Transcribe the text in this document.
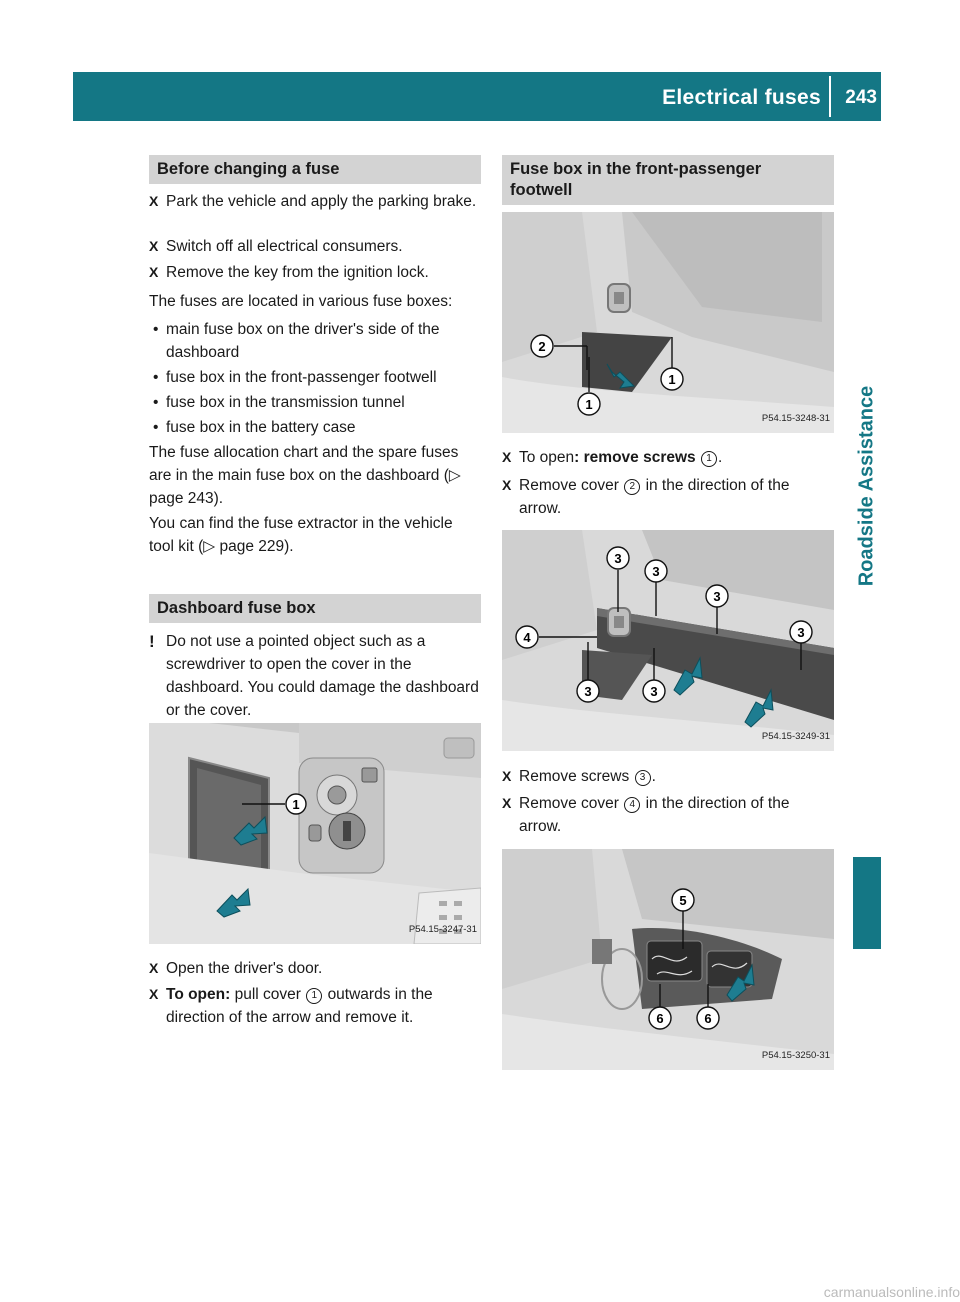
Electrical fuses 243
Roadside Assistance
Before changing a fuse
X Park the vehicle and apply the parking brake.
X Switch off all electrical consumers.
X Remove the key from the ignition lock.
The fuses are located in various fuse boxes:
• main fuse box on the driver's side of the dashboard
• fuse box in the front-passenger footwell
• fuse box in the transmission tunnel
• fuse box in the battery case
The fuse allocation chart and the spare fuses are in the main fuse box on the dashboard (▷ page 243).
You can find the fuse extractor in the vehicle tool kit (▷ page 229).
Dashboard fuse box
! Do not use a pointed object such as a screwdriver to open the cover in the dashboard. You could damage the dashboard or the cover.
1
P54.15-3247-31
X Open the driver's door.
X To open: pull cover 1 outwards in the direction of the arrow and remove it.
Fuse box in the front-passenger footwell
2
1
1
P54.15-3248-31
X To open: remove screws 1 .
X Remove cover 2 in the direction of the arrow.
3
3
3
3
4
3	3
P54.15-3249-31
X Remove screws 3 .
X Remove cover 4 in the direction of the arrow.
5
6	6
P54.15-3250-31
carmanualsonline.info
